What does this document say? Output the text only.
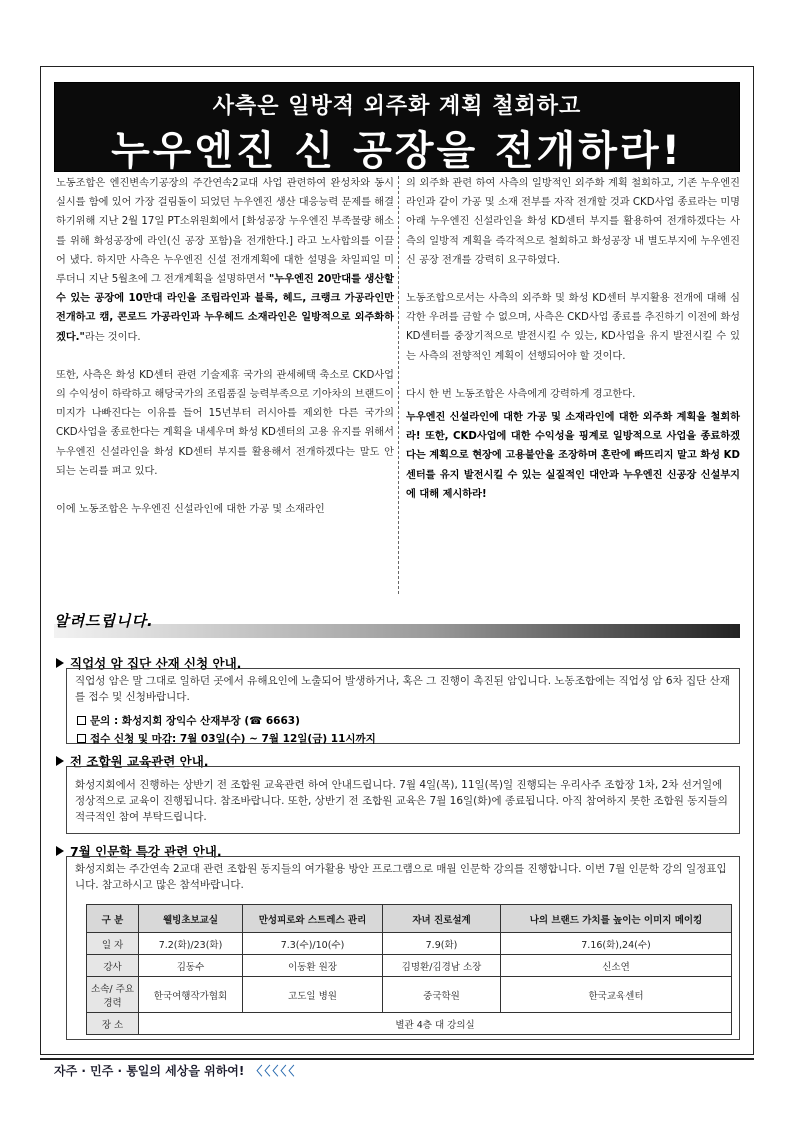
사측은 일방적 외주화 계획 철회하고
누우엔진 신 공장을 전개하라!

노동조합은 엔진변속기공장의 주간연속2교대 사업 관련하여 완성차와 동시 실시를 함에 있어 가장 걸림돌이 되었던 누우엔진 생산 대응능력 문제를 해결하기위해 지난 2월 17일 PT소위원회에서 [화성공장 누우엔진 부족물량 해소를 위해 화성공장에 라인(신 공장 포함)을 전개한다.] 라고 노사합의를 이끌어 냈다. 하지만 사측은 누우엔진 신설 전개계획에 대한 설명을 차일피일 미루더니 지난 5월초에 그 전개계획을 설명하면서 "누우엔진 20만대를 생산할 수 있는 공장에 10만대 라인을 조립라인과 블록, 헤드, 크랭크 가공라인만 전개하고 캠, 콘로드 가공라인과 누우헤드 소재라인은 일방적으로 외주화하겠다."라는 것이다.

또한, 사측은 화성 KD센터 관련 기술제휴 국가의 관세혜택 축소로 CKD사업의 수익성이 하락하고 해당국가의 조립품질 능력부족으로 기아차의 브랜드이미지가 나빠진다는 이유를 들어 15년부터 러시아를 제외한 다른 국가의 CKD사업을 종료한다는 계획을 내세우며 화성 KD센터의 고용 유지를 위해서 누우엔진 신설라인을 화성 KD센터 부지를 활용해서 전개하겠다는 말도 안 되는 논리를 펴고 있다.

이에 노동조합은 누우엔진 신설라인에 대한 가공 및 소재라인

의 외주화 관련 하여 사측의 일방적인 외주화 계획 철회하고, 기존 누우엔진 라인과 같이 가공 및 소재 전부를 자작 전개할 것과 CKD사업 종료라는 미명아래 누우엔진 신설라인을 화성 KD센터 부지를 활용하여 전개하겠다는 사측의 일방적 계획을 즉각적으로 철회하고 화성공장 내 별도부지에 누우엔진 신 공장 전개를 강력히 요구하였다.

노동조합으로서는 사측의 외주화 및 화성 KD센터 부지활용 전개에 대해 심각한 우려를 금할 수 없으며, 사측은 CKD사업 종료를 추진하기 이전에 화성 KD센터를 중장기적으로 발전시킬 수 있는, KD사업을 유지 발전시킬 수 있는 사측의 전향적인 계획이 선행되어야 할 것이다.

다시 한 번 노동조합은 사측에게 강력하게 경고한다.

누우엔진 신설라인에 대한 가공 및 소재라인에 대한 외주화 계획을 철회하라! 또한, CKD사업에 대한 수익성을 핑계로 일방적으로 사업을 종료하겠다는 계획으로 현장에 고용불안을 조장하며 혼란에 빠뜨리지 말고 화성 KD센터를 유지 발전시킬 수 있는 실질적인 대안과 누우엔진 신공장 신설부지에 대해 제시하라!

알려드립니다.
직업성 암 집단 산재 신청 안내.
직업성 암은 말 그대로 일하던 곳에서 유해요인에 노출되어 발생하거나, 혹은 그 진행이 촉진된 암입니다. 노동조합에는 직업성 암 6차 집단 산재를 접수 및 신청바랍니다.
문의 : 화성지회 장익수 산재부장 (☎ 6663)
접수 신청 및 마감: 7월 03일(수) ~ 7월 12일(금) 11시까지
전 조합원 교육관련 안내.
화성지회에서 진행하는 상반기 전 조합원 교육관련 하여 안내드립니다. 7월 4일(목), 11일(목)일 진행되는 우리사주 조합장 1차, 2차 선거일에 정상적으로 교육이 진행됩니다. 참조바랍니다. 또한, 상반기 전 조합원 교육은 7월 16일(화)에 종료됩니다. 아직 참여하지 못한 조합원 동지들의 적극적인 참여 부탁드립니다.
7월 인문학 특강 관련 안내.
화성지회는 주간연속 2교대 관련 조합원 동지들의 여가활용 방안 프로그램으로 매월 인문학 강의를 진행합니다. 이번 7월 인문학 강의 일정표입니다. 참고하시고 많은 참석바랍니다.
구 분	웰빙초보교실	만성피로와 스트레스 관리	자녀 진로설계	나의 브랜드 가치를 높이는 이미지 메이킹
일 자	7.2(화)/23(화)	7.3(수)/10(수)	7.9(화)	7.16(화),24(수)
강사	김동수	이동환 원장	김명환/김경남 소장	신소연
소속/ 주요경력	한국여행작가협회	고도일 병원	중국학원	한국교육센터
장 소	별관 4층 대 강의실			
자주 · 민주 · 통일의 세상을 위하여! 〈〈〈〈〈
